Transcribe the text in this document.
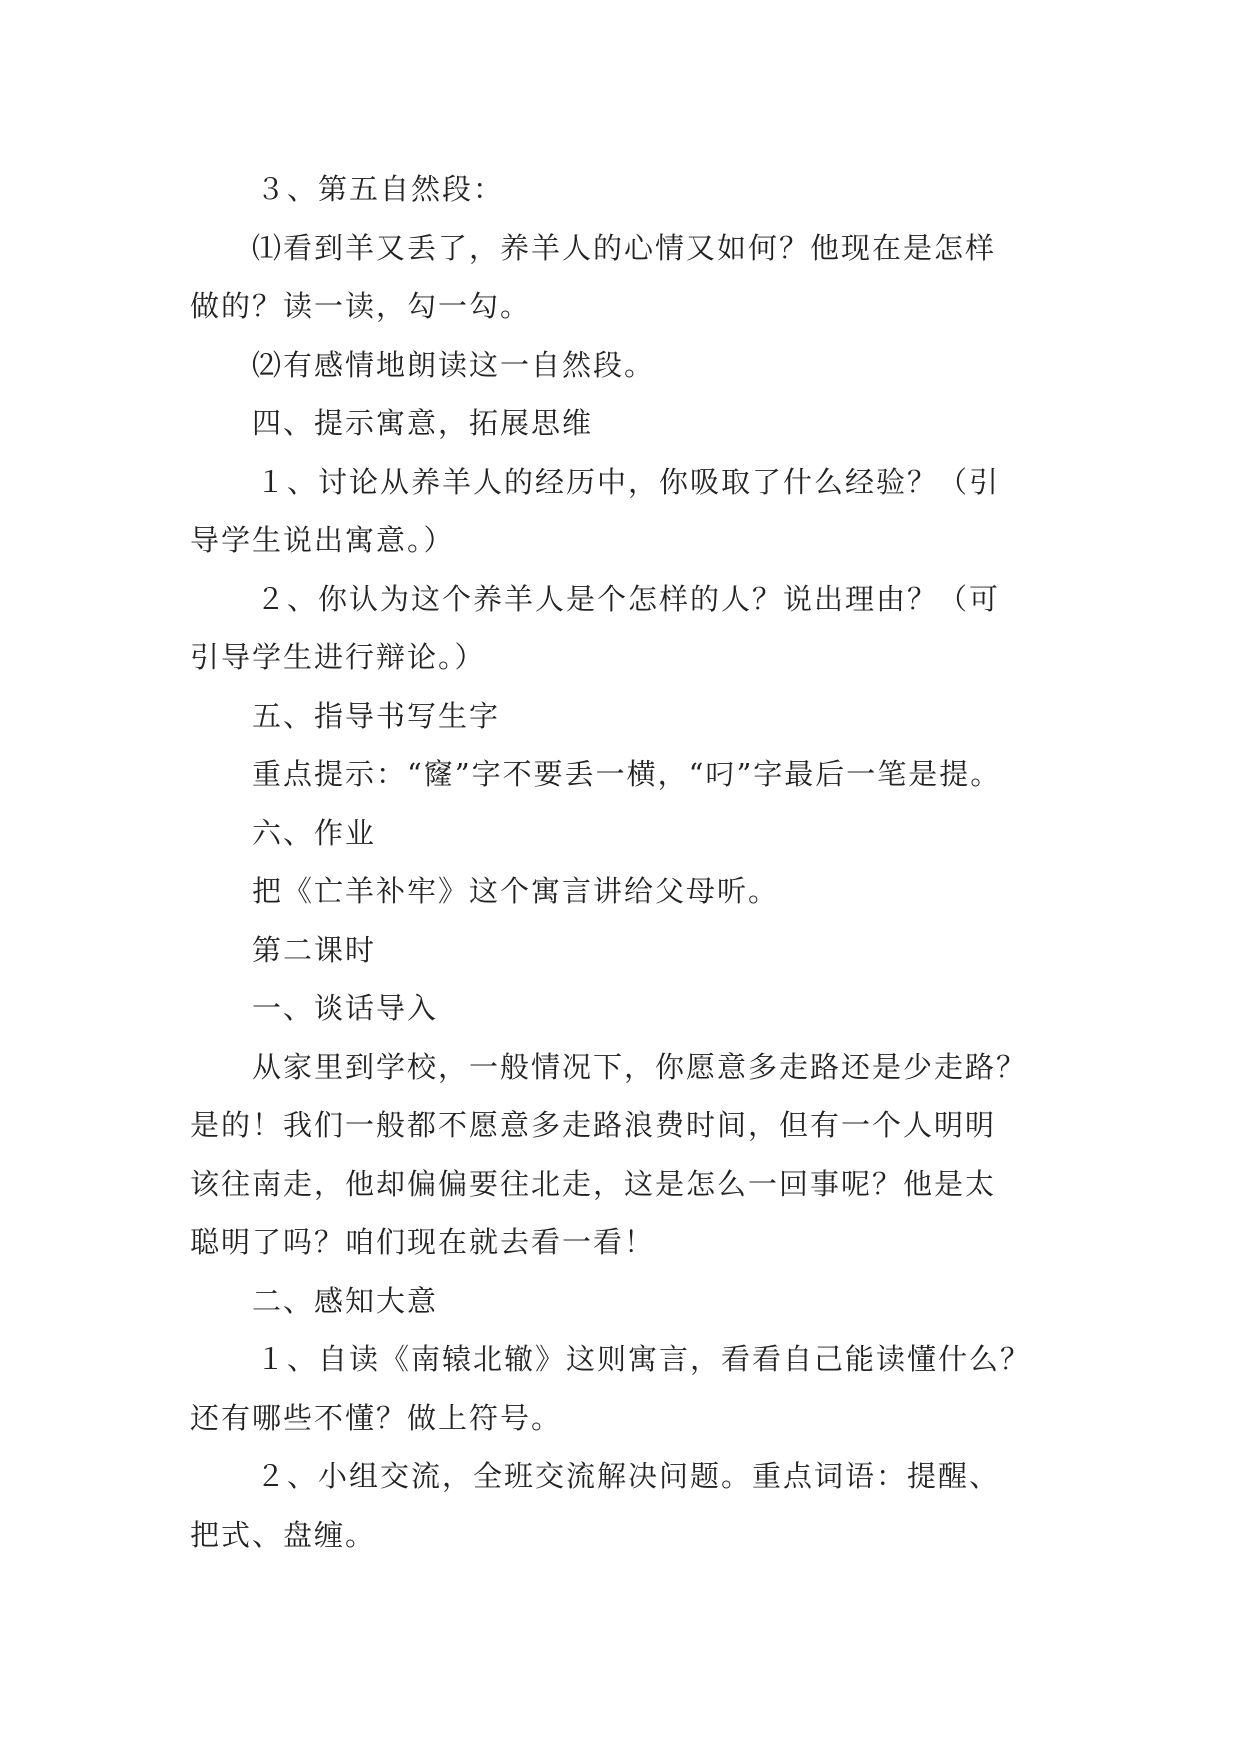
３、第五自然段：
⑴看到羊又丢了，养羊人的心情又如何？他现在是怎样
做的？读一读，勾一勾。
⑵有感情地朗读这一自然段。
四、提示寓意，拓展思维
１、讨论从养羊人的经历中，你吸取了什么经验？（引
导学生说出寓意。）
２、你认为这个养羊人是个怎样的人？说出理由？（可
引导学生进行辩论。）
五、指导书写生字
重点提示：“窿”字不要丢一横，“叼”字最后一笔是提。
六、作业
把《亡羊补牢》这个寓言讲给父母听。
第二课时
一、谈话导入
从家里到学校，一般情况下，你愿意多走路还是少走路？
是的！我们一般都不愿意多走路浪费时间，但有一个人明明
该往南走，他却偏偏要往北走，这是怎么一回事呢？他是太
聪明了吗？咱们现在就去看一看！
二、感知大意
１、自读《南辕北辙》这则寓言，看看自己能读懂什么？
还有哪些不懂？做上符号。
２、小组交流，全班交流解决问题。重点词语：提醒、
把式、盘缠。
